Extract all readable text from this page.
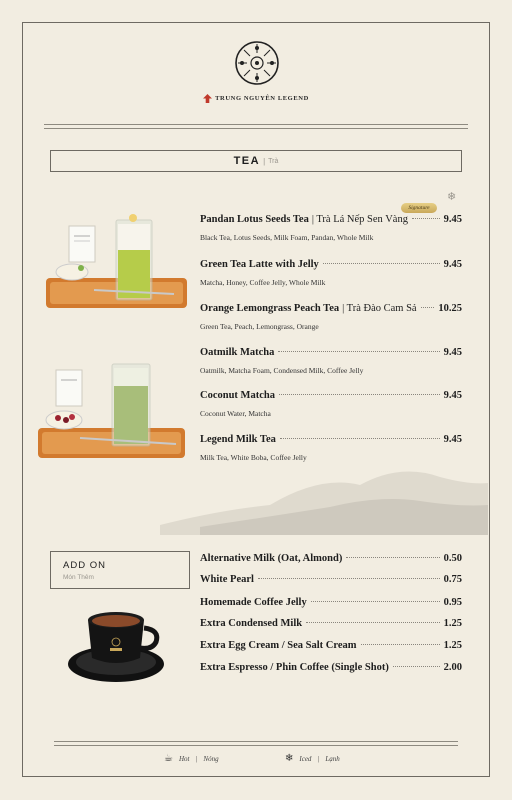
TRUNG NGUYÊN LEGEND
TEA | Trà
❄
Signature
Pandan Lotus Seeds Tea | Trà Lá Nếp Sen Vàng	9.45
Black Tea, Lotus Seeds, Milk Foam, Pandan, Whole Milk
Green Tea Latte with Jelly	9.45
Matcha, Honey, Coffee Jelly, Whole Milk
Orange Lemongrass Peach Tea | Trà Đào Cam Sả 10.25
Green Tea, Peach, Lemongrass, Orange
Oatmilk Matcha	9.45
Oatmilk, Matcha Foam, Condensed Milk, Coffee Jelly
Coconut Matcha	9.45
Coconut Water, Matcha
Legend Milk Tea	9.45
Milk Tea, White Boba, Coffee Jelly
ADD ON
Món Thêm
Alternative Milk (Oat, Almond)	0.50
White Pearl	0.75
Homemade Coffee Jelly	0.95
Extra Condensed Milk	1.25
Extra Egg Cream / Sea Salt Cream	1.25
Extra Espresso / Phin Coffee (Single Shot)	2.00
☕ Hot | Nóng	❄ Iced | Lạnh
